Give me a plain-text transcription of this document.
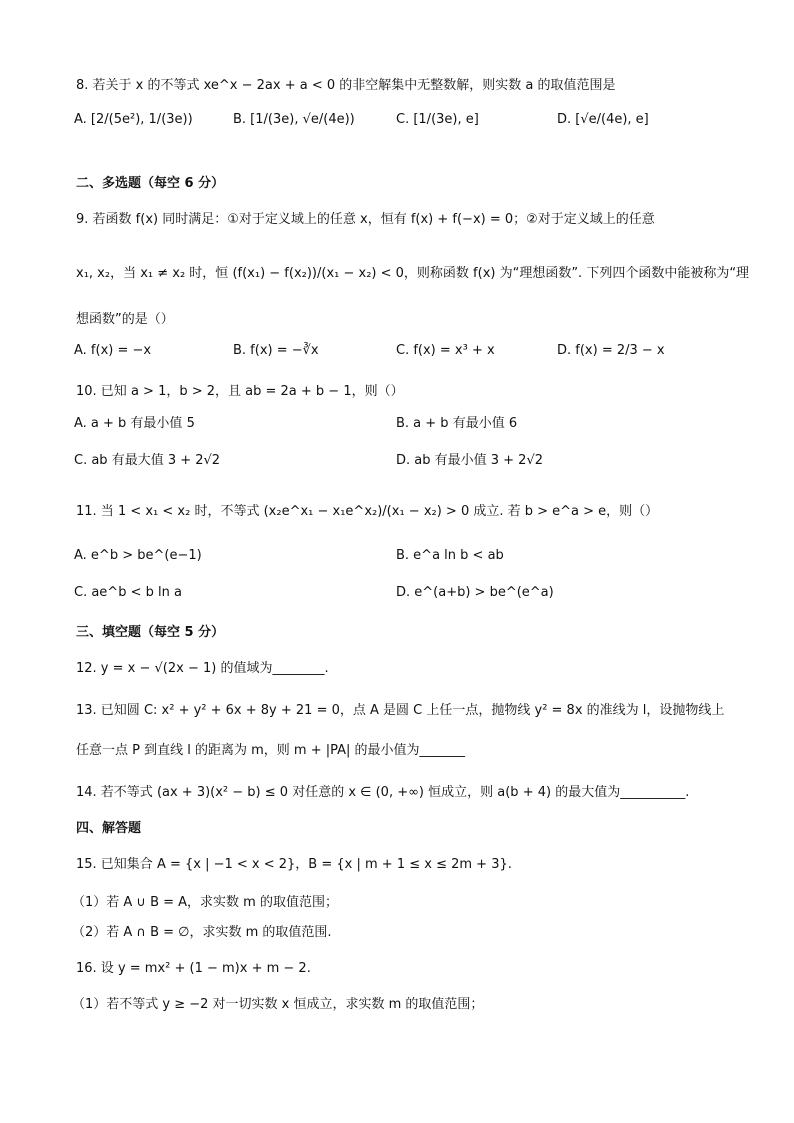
8. 若关于 x 的不等式 xe^x − 2ax + a < 0 的非空解集中无整数解，则实数 a 的取值范围是
A. [2/(5e²), 1/(3e))	B. [1/(3e), √e/(4e))	C. [1/(3e), e]	D. [√e/(4e), e]
二、多选题（每空 6 分）
9. 若函数 f(x) 同时满足：①对于定义域上的任意 x，恒有 f(x) + f(−x) = 0；②对于定义域上的任意
x₁, x₂，当 x₁ ≠ x₂ 时，恒 (f(x₁) − f(x₂))/(x₁ − x₂) < 0，则称函数 f(x) 为“理想函数”. 下列四个函数中能被称为“理
想函数”的是（）
A. f(x) = −x	B. f(x) = −∛x	C. f(x) = x³ + x	D. f(x) = 2/3 − x
10. 已知 a > 1，b > 2，且 ab = 2a + b − 1，则（）
A. a + b 有最小值 5	B. a + b 有最小值 6
C. ab 有最大值 3 + 2√2	D. ab 有最小值 3 + 2√2
11. 当 1 < x₁ < x₂ 时，不等式 (x₂e^x₁ − x₁e^x₂)/(x₁ − x₂) > 0 成立. 若 b > e^a > e，则（）
A. e^b > be^(e−1)	B. e^a ln b < ab
C. ae^b < b ln a	D. e^(a+b) > be^(e^a)
三、填空题（每空 5 分）
12. y = x − √(2x − 1) 的值域为________.
13. 已知圆 C: x² + y² + 6x + 8y + 21 = 0，点 A 是圆 C 上任一点，抛物线 y² = 8x 的准线为 l，设抛物线上
任意一点 P 到直线 l 的距离为 m，则 m + |PA| 的最小值为_______
14. 若不等式 (ax + 3)(x² − b) ≤ 0 对任意的 x ∈ (0, +∞) 恒成立，则 a(b + 4) 的最大值为__________.
四、解答题
15. 已知集合 A = {x | −1 < x < 2}，B = {x | m + 1 ≤ x ≤ 2m + 3}.
（1）若 A ∪ B = A，求实数 m 的取值范围；
（2）若 A ∩ B = ∅，求实数 m 的取值范围.
16. 设 y = mx² + (1 − m)x + m − 2.
（1）若不等式 y ≥ −2 对一切实数 x 恒成立，求实数 m 的取值范围；
